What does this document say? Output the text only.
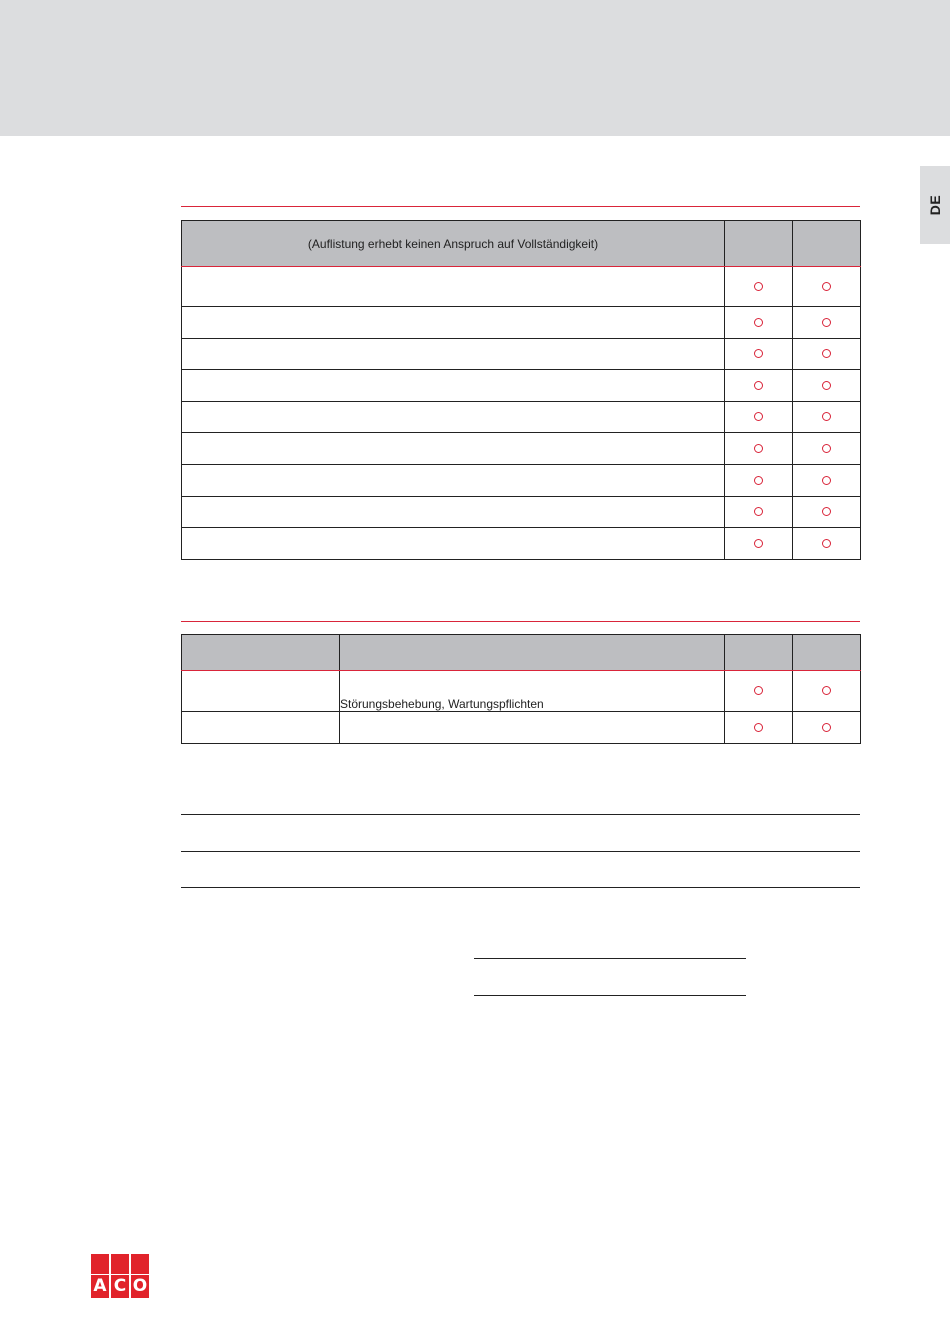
DE
(Auflistung erhebt keinen Anspruch auf Vollständigkeit)		

	Störungsbehebung, Wartungspflichten		

A C O
